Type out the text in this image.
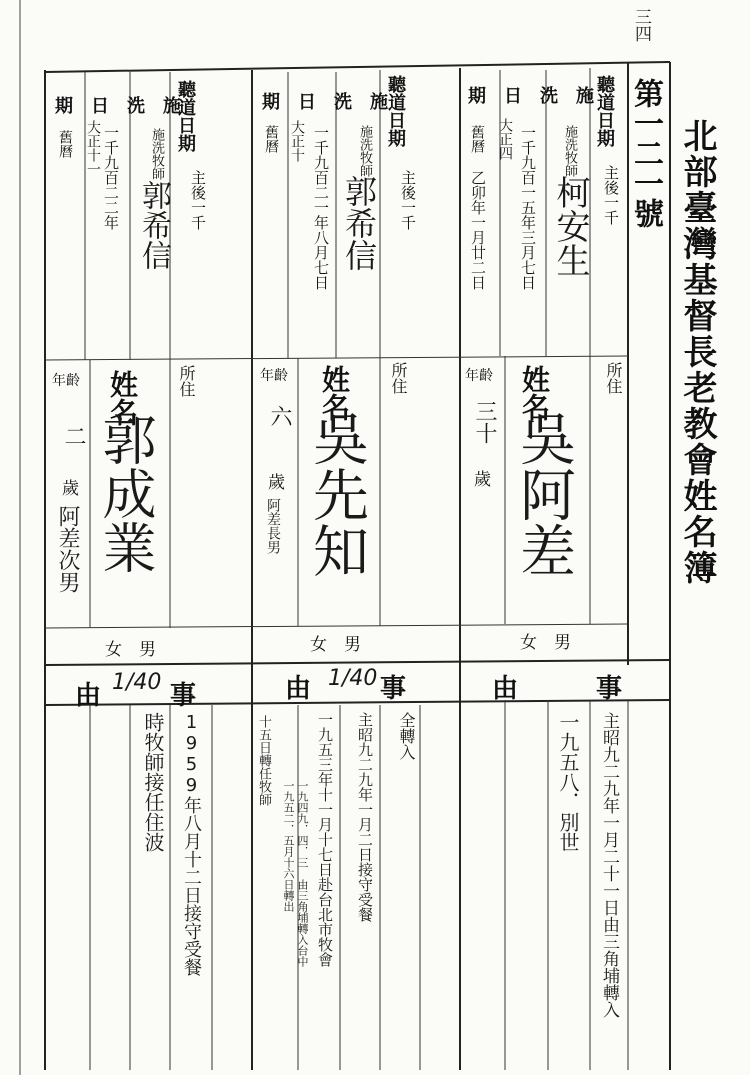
三四
北部臺灣基督長老教會姓名簿
第一二一號
期　日　洗　施 聽道日期
主後一千
施洗牧師
柯安生
一千九百一五年三月七日
大正四
舊曆
乙卯年一月廿二日
所住
姓名
吳阿差
年齡
三十
歲
女　男
由　　　事
主昭九二九年一月二十一日由三角埔轉入
一九五八．別世
期　日　洗　施
聽道日期
主後一千
施洗牧師
郭希信
一千九百二一年八月七日
大正十
舊曆
所住
姓名
吳先知
年齡
六
歲
阿差長男
女　男
由 1/40 事
全轉入
主昭九二九年一月二日接守受餐
一九五三年十一月十七日赴台北市牧會
一九四九．四．三　由三角埔轉入台中
一九五二．五月十六日轉出
十五日轉任牧師
期　日　洗　施
聽道日期
主後一千
施洗牧師
郭希信
一千九百二二年
大正十一
舊曆
所住
姓名
郭成業
年齡
二
歲
阿差次男
女　男
由 1/40 事
1959年八月十二日接守受餐
時牧師接任住波
